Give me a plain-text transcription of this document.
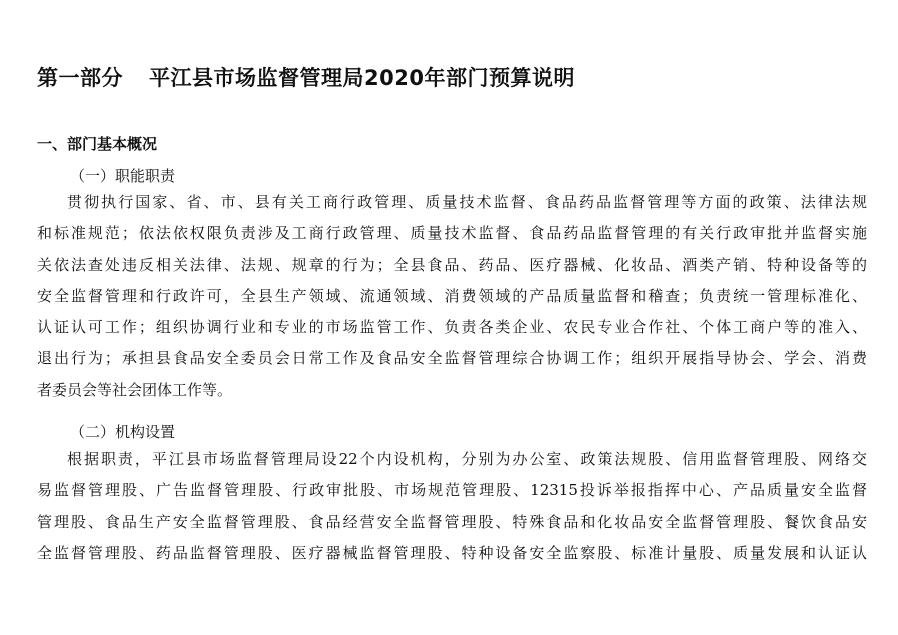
第一部分 平江县市场监督管理局2020年部门预算说明
一、部门基本概况
（一）职能职责
贯彻执行国家、省、市、县有关工商行政管理、质量技术监督、食品药品监督管理等方面的政策、法律法规
和标准规范；依法依权限负责涉及工商行政管理、质量技术监督、食品药品监督管理的有关行政审批并监督实施
关依法查处违反相关法律、法规、规章的行为；全县食品、药品、医疗器械、化妆品、酒类产销、特种设备等的
安全监督管理和行政许可，全县生产领域、流通领域、消费领域的产品质量监督和稽查；负责统一管理标准化、
认证认可工作；组织协调行业和专业的市场监管工作、负责各类企业、农民专业合作社、个体工商户等的准入、
退出行为；承担县食品安全委员会日常工作及食品安全监督管理综合协调工作；组织开展指导协会、学会、消费
者委员会等社会团体工作等。
（二）机构设置
根据职责，平江县市场监督管理局设22个内设机构，分别为办公室、政策法规股、信用监督管理股、网络交
易监督管理股、广告监督管理股、行政审批股、市场规范管理股、12315投诉举报指挥中心、产品质量安全监督
管理股、食品生产安全监督管理股、食品经营安全监督管理股、特殊食品和化妆品安全监督管理股、餐饮食品安
全监督管理股、药品监督管理股、医疗器械监督管理股、特种设备安全监察股、标准计量股、质量发展和认证认
